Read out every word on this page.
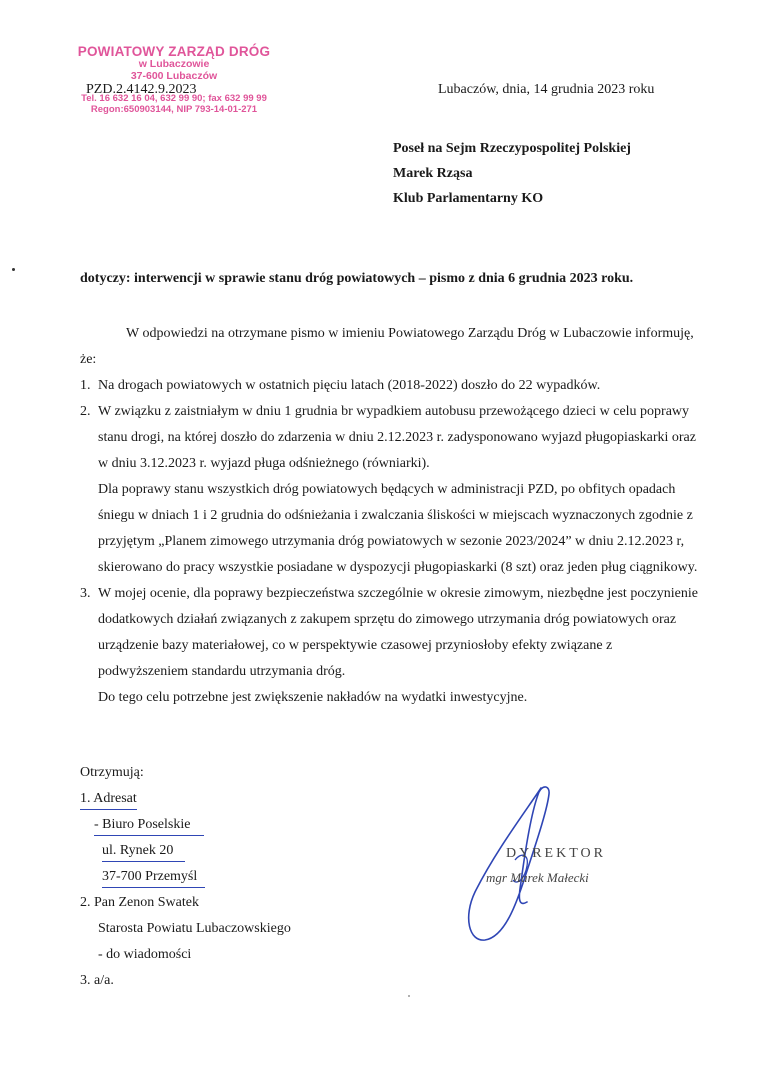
POWIATOWY ZARZĄD DRÓG
w Lubaczowie
37-600 Lubaczów
Tel. 16 632 16 04, 632 99 90; fax 632 99 99
Regon:650903144, NIP 793-14-01-271
PZD.2.4142.9.2023	Lubaczów, dnia, 14 grudnia 2023 roku
Poseł na Sejm Rzeczypospolitej Polskiej
Marek Rząsa
Klub Parlamentarny KO
dotyczy: interwencji w sprawie stanu dróg powiatowych – pismo z dnia 6 grudnia 2023 roku.

W odpowiedzi na otrzymane pismo w imieniu Powiatowego Zarządu Dróg w Lubaczowie informuję, że:

1. Na drogach powiatowych w ostatnich pięciu latach (2018-2022) doszło do 22 wypadków.
2. W związku z zaistniałym w dniu 1 grudnia br wypadkiem autobusu przewożącego dzieci w celu poprawy stanu drogi, na której doszło do zdarzenia w dniu 2.12.2023 r. zadysponowano wyjazd pługopiaskarki oraz w dniu 3.12.2023 r. wyjazd pługa odśnieżnego (równiarki).
Dla poprawy stanu wszystkich dróg powiatowych będących w administracji PZD, po obfitych opadach śniegu w dniach 1 i 2 grudnia do odśnieżania i zwalczania śliskości w miejscach wyznaczonych zgodnie z przyjętym „Planem zimowego utrzymania dróg powiatowych w sezonie 2023/2024” w dniu 2.12.2023 r, skierowano do pracy wszystkie posiadane w dyspozycji pługopiaskarki (8 szt) oraz jeden pług ciągnikowy.
3. W mojej ocenie, dla poprawy bezpieczeństwa szczególnie w okresie zimowym, niezbędne jest poczynienie dodatkowych działań związanych z zakupem sprzętu do zimowego utrzymania dróg powiatowych oraz urządzenie bazy materiałowej, co w perspektywie czasowej przyniosłoby efekty związane z podwyższeniem standardu utrzymania dróg.
Do tego celu potrzebne jest zwiększenie nakładów na wydatki inwestycyjne.
Otrzymują:
1. Adresat
- Biuro Poselskie
ul. Rynek 20
37-700 Przemyśl
2. Pan Zenon Swatek
Starosta Powiatu Lubaczowskiego
- do wiadomości
3. a/a.
DYREKTOR
mgr Marek Małecki
